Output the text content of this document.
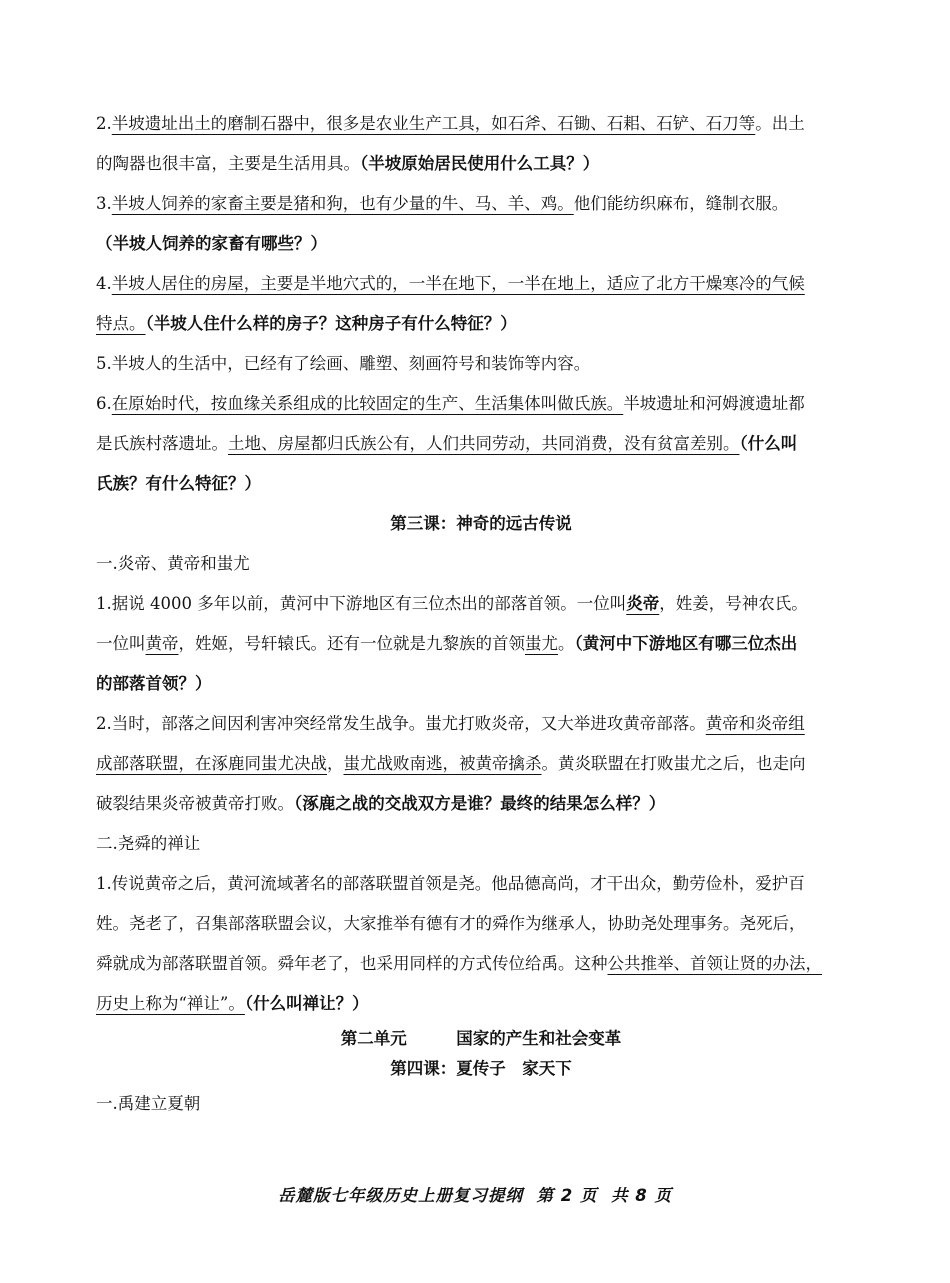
2.半坡遗址出土的磨制石器中，很多是农业生产工具，如石斧、石锄、石耜、石铲、石刀等。出土
的陶器也很丰富，主要是生活用具。（半坡原始居民使用什么工具？）
3.半坡人饲养的家畜主要是猪和狗，也有少量的牛、马、羊、鸡。他们能纺织麻布，缝制衣服。
（半坡人饲养的家畜有哪些？）
4.半坡人居住的房屋，主要是半地穴式的，一半在地下，一半在地上，适应了北方干燥寒冷的气候
特点。（半坡人住什么样的房子？这种房子有什么特征？）
5.半坡人的生活中，已经有了绘画、雕塑、刻画符号和装饰等内容。
6.在原始时代，按血缘关系组成的比较固定的生产、生活集体叫做氏族。半坡遗址和河姆渡遗址都
是氏族村落遗址。土地、房屋都归氏族公有，人们共同劳动，共同消费，没有贫富差别。（什么叫
氏族？有什么特征？）
第三课：神奇的远古传说
一.炎帝、黄帝和蚩尤
1.据说 4000 多年以前，黄河中下游地区有三位杰出的部落首领。一位叫炎帝，姓姜，号神农氏。
一位叫黄帝，姓姬，号轩辕氏。还有一位就是九黎族的首领蚩尤。（黄河中下游地区有哪三位杰出
的部落首领？）
2.当时，部落之间因利害冲突经常发生战争。蚩尤打败炎帝，又大举进攻黄帝部落。黄帝和炎帝组
成部落联盟，在涿鹿同蚩尤决战，蚩尤战败南逃，被黄帝擒杀。黄炎联盟在打败蚩尤之后，也走向
破裂结果炎帝被黄帝打败。（涿鹿之战的交战双方是谁？最终的结果怎么样？）
二.尧舜的禅让
1.传说黄帝之后，黄河流域著名的部落联盟首领是尧。他品德高尚，才干出众，勤劳俭朴，爱护百
姓。尧老了，召集部落联盟会议，大家推举有德有才的舜作为继承人，协助尧处理事务。尧死后，
舜就成为部落联盟首领。舜年老了，也采用同样的方式传位给禹。这种公共推举、首领让贤的办法，
历史上称为“禅让”。（什么叫禅让？）
第二单元　　　国家的产生和社会变革
第四课：夏传子　家天下
一.禹建立夏朝
岳麓版七年级历史上册复习提纲  第 2 页  共 8 页
